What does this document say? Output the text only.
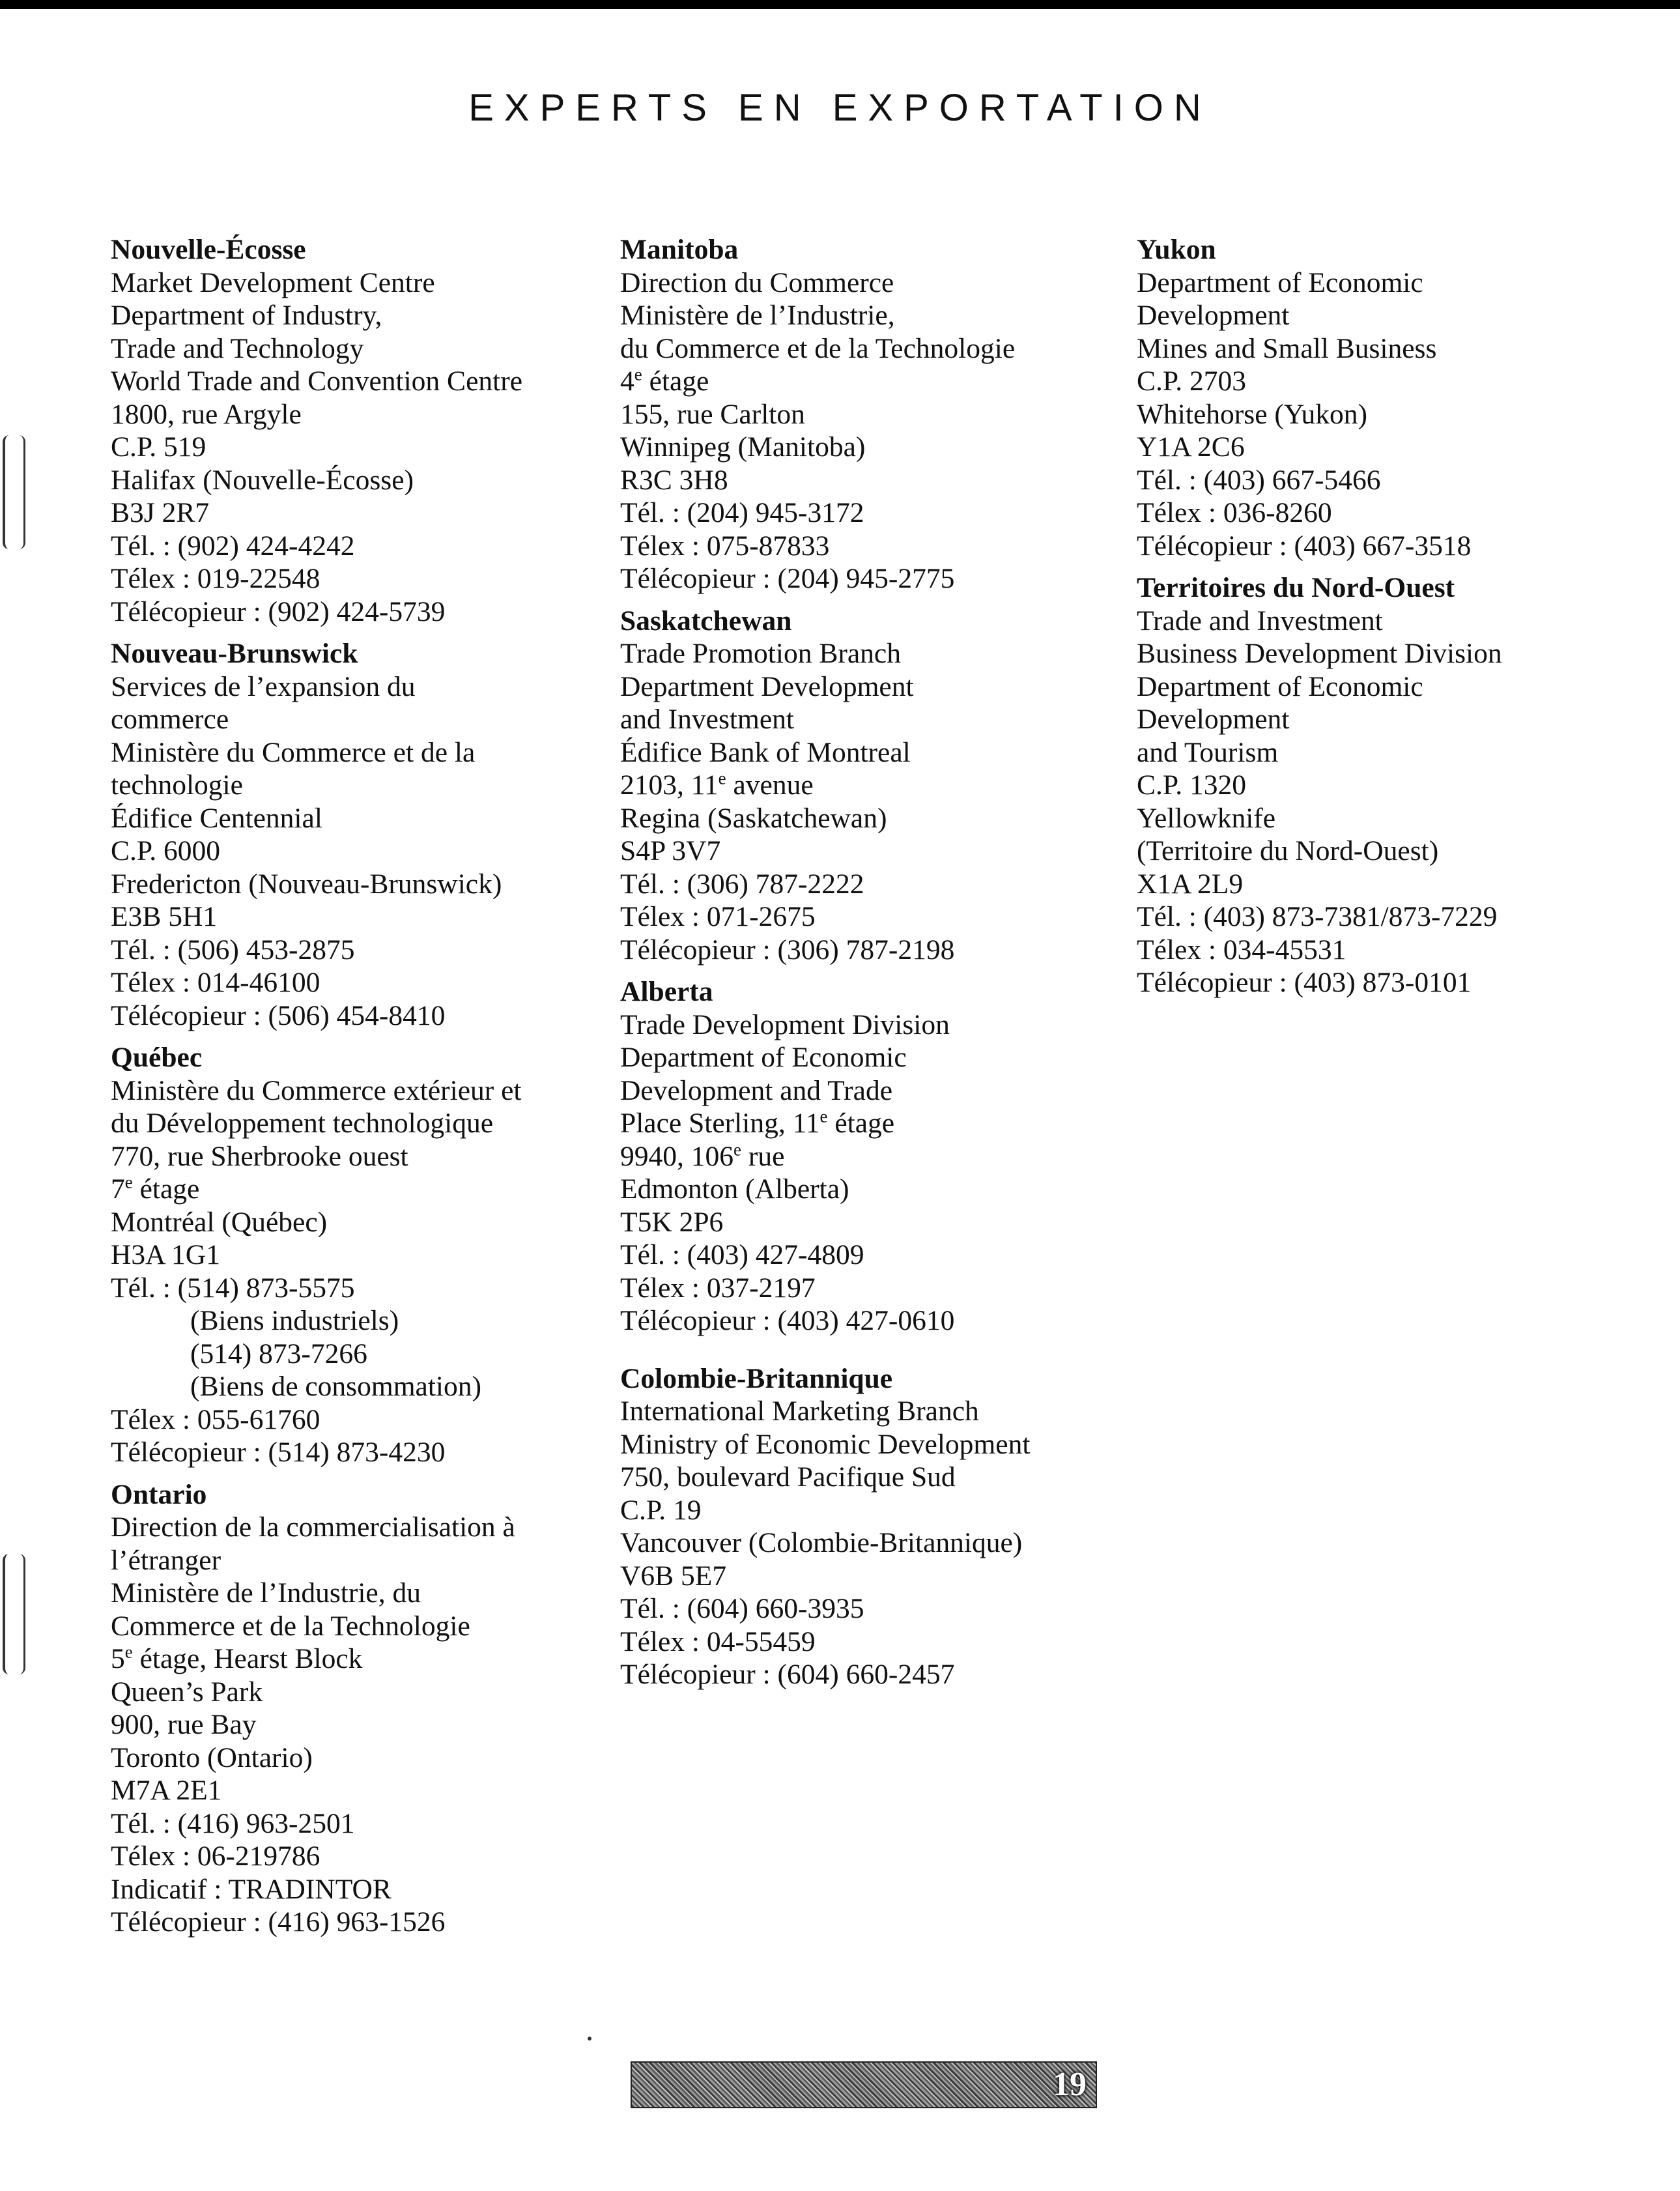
EXPERTS EN EXPORTATION
Nouvelle-Écosse
Market Development Centre
Department of Industry,
Trade and Technology
World Trade and Convention Centre
1800, rue Argyle
C.P. 519
Halifax (Nouvelle-Écosse)
B3J 2R7
Tél. : (902) 424-4242
Télex : 019-22548
Télécopieur : (902) 424-5739
Nouveau-Brunswick
Services de l’expansion du
commerce
Ministère du Commerce et de la
technologie
Édifice Centennial
C.P. 6000
Fredericton (Nouveau-Brunswick)
E3B 5H1
Tél. : (506) 453-2875
Télex : 014-46100
Télécopieur : (506) 454-8410
Québec
Ministère du Commerce extérieur et
du Développement technologique
770, rue Sherbrooke ouest
7e étage
Montréal (Québec)
H3A 1G1
Tél. : (514) 873-5575
(Biens industriels)
(514) 873-7266
(Biens de consommation)
Télex : 055-61760
Télécopieur : (514) 873-4230
Ontario
Direction de la commercialisation à
l’étranger
Ministère de l’Industrie, du
Commerce et de la Technologie
5e étage, Hearst Block
Queen’s Park
900, rue Bay
Toronto (Ontario)
M7A 2E1
Tél. : (416) 963-2501
Télex : 06-219786
Indicatif : TRADINTOR
Télécopieur : (416) 963-1526
Manitoba
Direction du Commerce
Ministère de l’Industrie,
du Commerce et de la Technologie
4e étage
155, rue Carlton
Winnipeg (Manitoba)
R3C 3H8
Tél. : (204) 945-3172
Télex : 075-87833
Télécopieur : (204) 945-2775
Saskatchewan
Trade Promotion Branch
Department Development
and Investment
Édifice Bank of Montreal
2103, 11e avenue
Regina (Saskatchewan)
S4P 3V7
Tél. : (306) 787-2222
Télex : 071-2675
Télécopieur : (306) 787-2198
Alberta
Trade Development Division
Department of Economic
Development and Trade
Place Sterling, 11e étage
9940, 106e rue
Edmonton (Alberta)
T5K 2P6
Tél. : (403) 427-4809
Télex : 037-2197
Télécopieur : (403) 427-0610
Colombie-Britannique
International Marketing Branch
Ministry of Economic Development
750, boulevard Pacifique Sud
C.P. 19
Vancouver (Colombie-Britannique)
V6B 5E7
Tél. : (604) 660-3935
Télex : 04-55459
Télécopieur : (604) 660-2457
Yukon
Department of Economic
Development
Mines and Small Business
C.P. 2703
Whitehorse (Yukon)
Y1A 2C6
Tél. : (403) 667-5466
Télex : 036-8260
Télécopieur : (403) 667-3518
Territoires du Nord-Ouest
Trade and Investment
Business Development Division
Department of Economic
Development
and Tourism
C.P. 1320
Yellowknife
(Territoire du Nord-Ouest)
X1A 2L9
Tél. : (403) 873-7381/873-7229
Télex : 034-45531
Télécopieur : (403) 873-0101
19
